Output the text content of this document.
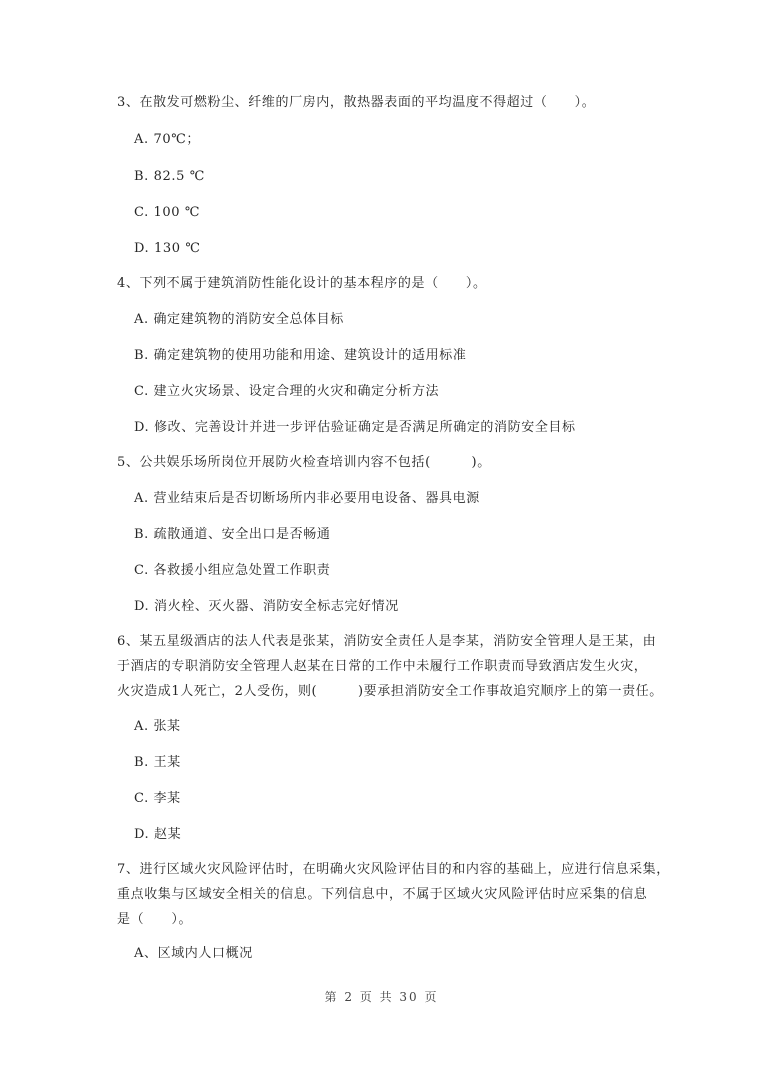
3、在散发可燃粉尘、纤维的厂房内，散热器表面的平均温度不得超过（　　）。
A. 70℃；
B. 82.5 ℃
C. 100 ℃
D. 130 ℃
4、下列不属于建筑消防性能化设计的基本程序的是（　　）。
A. 确定建筑物的消防安全总体目标
B. 确定建筑物的使用功能和用途、建筑设计的适用标准
C. 建立火灾场景、设定合理的火灾和确定分析方法
D. 修改、完善设计并进一步评估验证确定是否满足所确定的消防安全目标
5、公共娱乐场所岗位开展防火检查培训内容不包括(　　　)。
A. 营业结束后是否切断场所内非必要用电设备、器具电源
B. 疏散通道、安全出口是否畅通
C. 各救援小组应急处置工作职责
D. 消火栓、灭火器、消防安全标志完好情况
6、某五星级酒店的法人代表是张某，消防安全责任人是李某，消防安全管理人是王某，由
于酒店的专职消防安全管理人赵某在日常的工作中未履行工作职责而导致酒店发生火灾，
火灾造成1人死亡，2人受伤，则(　　　)要承担消防安全工作事故追究顺序上的第一责任。
A. 张某
B. 王某
C. 李某
D. 赵某
7、进行区域火灾风险评估时，在明确火灾风险评估目的和内容的基础上，应进行信息采集，
重点收集与区域安全相关的信息。下列信息中，不属于区域火灾风险评估时应采集的信息
是（　　）。
A、区域内人口概况
第 2 页 共 30 页
